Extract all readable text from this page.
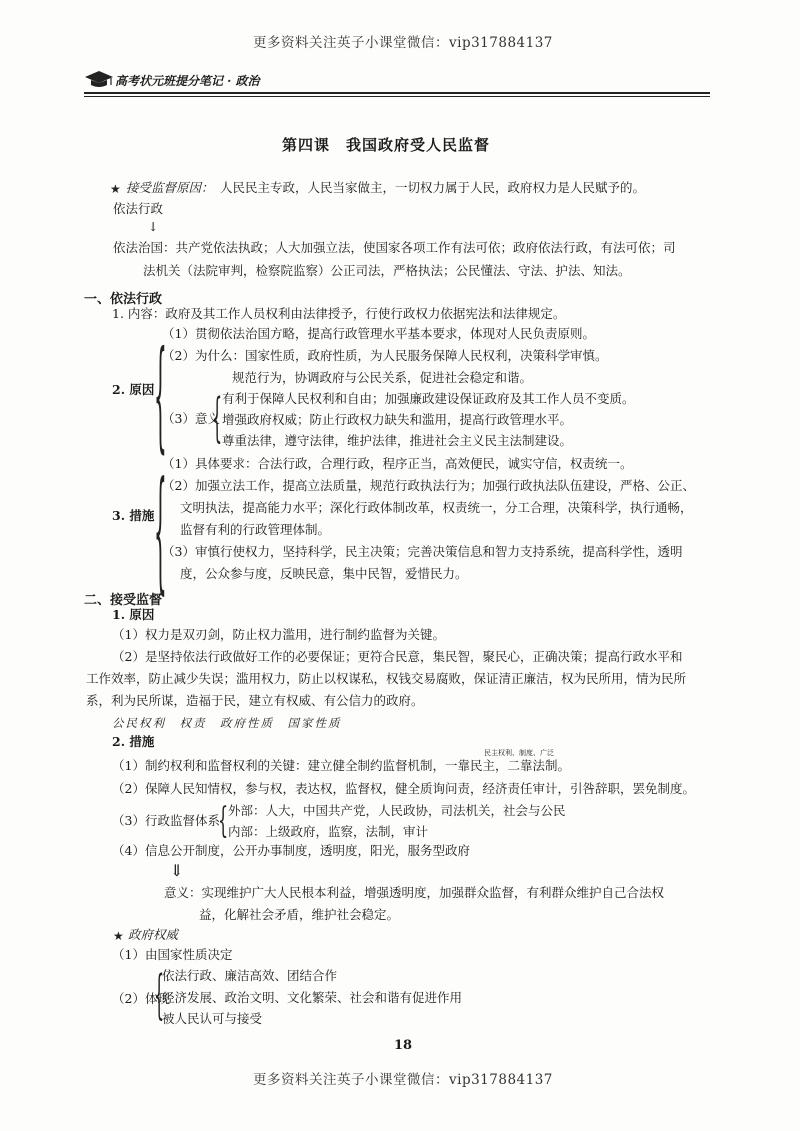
更多资料关注英子小课堂微信：vip317884137
更多资料关注英子小课堂微信：vip317884137
高考状元班提分笔记 · 政治
第四课　我国政府受人民监督
★ 接受监督原因： 人民民主专政，人民当家做主，一切权力属于人民，政府权力是人民赋予的。
依法行政
↓
依法治国：共产党依法执政；人大加强立法，使国家各项工作有法可依；政府依法行政，有法可依；司
法机关（法院审判，检察院监察）公正司法，严格执法；公民懂法、守法、护法、知法。
一、依法行政
1. 内容：政府及其工作人员权利由法律授予，行使行政权力依据宪法和法律规定。
2. 原因 {
（1）贯彻依法治国方略，提高行政管理水平基本要求，体现对人民负责原则。
（2）为什么：国家性质，政府性质，为人民服务保障人民权利，决策科学审慎。
规范行为，协调政府与公民关系，促进社会稳定和谐。
（3）意义
{ 有利于保障人民权利和自由；加强廉政建设保证政府及其工作人员不变质。
增强政府权威；防止行政权力缺失和滥用，提高行政管理水平。
尊重法律，遵守法律，维护法律，推进社会主义民主法制建设。
3. 措施 {
（1）具体要求：合法行政，合理行政，程序正当，高效便民，诚实守信，权责统一。
（2）加强立法工作，提高立法质量，规范行政执法行为；加强行政执法队伍建设，严格、公正、
文明执法，提高能力水平；深化行政体制改革，权责统一，分工合理，决策科学，执行通畅，
监督有利的行政管理体制。
（3）审慎行使权力，坚持科学，民主决策；完善决策信息和智力支持系统，提高科学性，透明
度，公众参与度，反映民意，集中民智，爱惜民力。
二、接受监督
1. 原因
（1）权力是双刃剑，防止权力滥用，进行制约监督为关键。
（2）是坚持依法行政做好工作的必要保证；更符合民意，集民智，聚民心，正确决策；提高行政水平和
工作效率，防止减少失误；滥用权力，防止以权谋私，权钱交易腐败，保证清正廉洁，权为民所用，情为民所
系，利为民所谋，造福于民，建立有权威、有公信力的政府。
公民权利　权责　政府性质　国家性质
2. 措施
民主权利、制度、广泛
（1）制约权利和监督权利的关键：建立健全制约监督机制，一靠民主，二靠法制。
（2）保障人民知情权，参与权，表达权，监督权，健全质询问责，经济责任审计，引咎辞职，罢免制度。
（3）行政监督体系
{ 外部：人大，中国共产党，人民政协，司法机关，社会与公民
内部：上级政府，监察，法制，审计
（4）信息公开制度，公开办事制度，透明度，阳光，服务型政府
⇓
意义：实现维护广大人民根本利益，增强透明度，加强群众监督，有利群众维护自己合法权
益，化解社会矛盾，维护社会稳定。
★ 政府权威
（1）由国家性质决定
（2）体现
{
依法行政、廉洁高效、团结合作
经济发展、政治文明、文化繁荣、社会和谐有促进作用
被人民认可与接受
18
